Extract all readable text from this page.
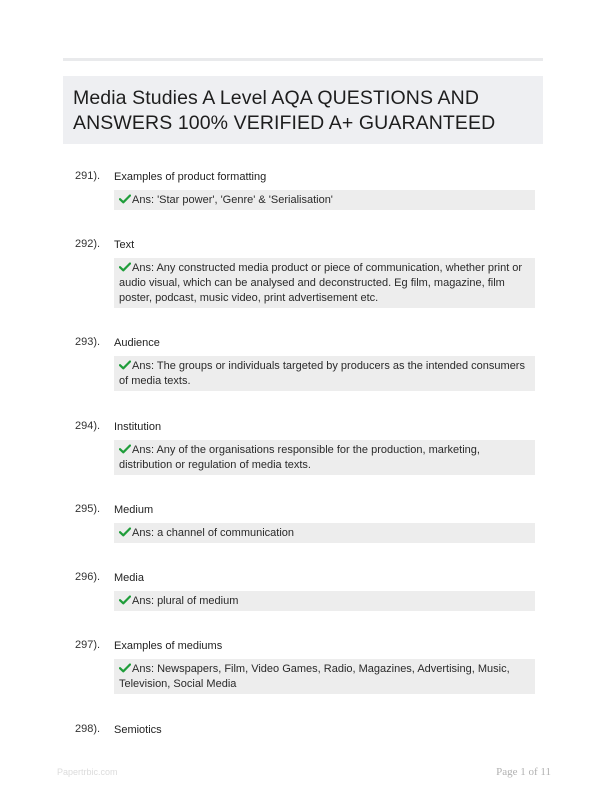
Media Studies A Level AQA QUESTIONS AND
ANSWERS 100% VERIFIED A+ GUARANTEED
291). Examples of product formatting
Ans: 'Star power', 'Genre' & 'Serialisation'
292). Text
Ans: Any constructed media product or piece of communication, whether print or audio visual, which can be analysed and deconstructed. Eg film, magazine, film poster, podcast, music video, print advertisement etc.
293). Audience
Ans: The groups or individuals targeted by producers as the intended consumers of media texts.
294). Institution
Ans: Any of the organisations responsible for the production, marketing, distribution or regulation of media texts.
295). Medium
Ans: a channel of communication
296). Media
Ans: plural of medium
297). Examples of mediums
Ans: Newspapers, Film, Video Games, Radio, Magazines, Advertising, Music, Television, Social Media
298). Semiotics
Papertrbic.com	Page 1 of 11
